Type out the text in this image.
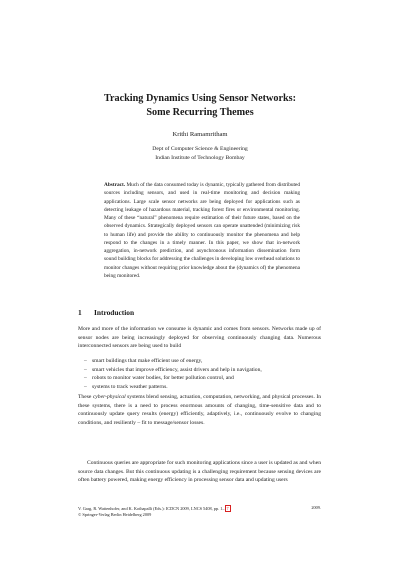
Tracking Dynamics Using Sensor Networks:
Some Recurring Themes
Krithi Ramamritham
Dept of Computer Science & Engineering
Indian Institute of Technology Bombay
Abstract. Much of the data consumed today is dynamic, typically gathered from distributed sources including sensors, and used in real-time monitoring and decision making applications. Large scale sensor networks are being deployed for applications such as detecting leakage of hazardous material, tracking forest fires or environmental monitoring. Many of these “natural” phenomena require estimation of their future states, based on the observed dynamics. Strategically deployed sensors can operate unattended (minimizing risk to human life) and provide the ability to continuously monitor the phenomena and help respond to the changes in a timely manner. In this paper, we show that in-network aggregation, in-network prediction, and asynchronous information dissemination form sound building blocks for addressing the challenges in developing low overhead solutions to monitor changes without requiring prior knowledge about the (dynamics of) the phenomena being monitored.
1 Introduction
More and more of the information we consume is dynamic and comes from sensors. Networks made up of sensor nodes are being increasingly deployed for observing continuously changing data. Numerous interconnected sensors are being used to build
– smart buildings that make efficient use of energy,
– smart vehicles that improve efficiency, assist drivers and help in navigation,
– robots to monitor water bodies, for better pollution control, and
– systems to track weather patterns.
These cyber-physical systems blend sensing, actuation, computation, networking, and physical processes. In these systems, there is a need to process enormous amounts of changing, time-sensitive data and to continuously update query results (energy) efficiently, adaptively, i.e., continuously evolve to changing conditions, and resiliently – fit to message/sensor losses.
Continuous queries are appropriate for such monitoring applications since a user is updated as and when source data changes. But this continuous updating is a challenging requirement because sensing devices are often battery powered, making energy efficiency in processing sensor data and updating users
V. Garg, R. Wattenhofer, and K. Kothapalli (Eds.): ICDCN 2009, LNCS 5408, pp. 1– 7	2009.
© Springer-Verlag Berlin Heidelberg 2009
